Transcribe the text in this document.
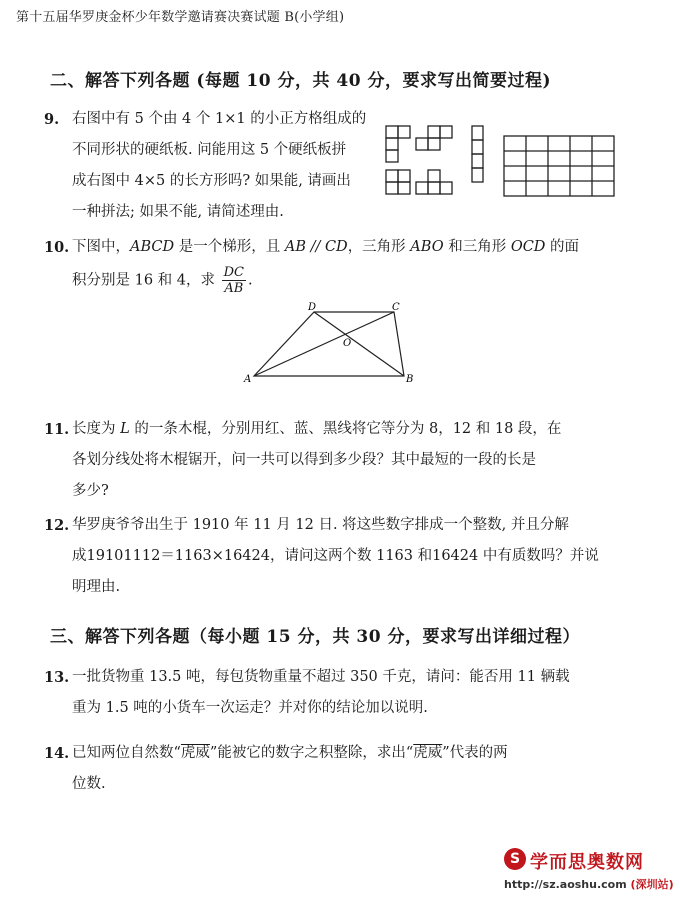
第十五届华罗庚金杯少年数学邀请赛决赛试题 B(小学组)
二、解答下列各题 (每题 10 分，共 40 分，要求写出简要过程)
9. 右图中有 5 个由 4 个 1×1 的小正方格组成的
不同形状的硬纸板. 问能用这 5 个硬纸板拼
成右图中 4×5 的长方形吗? 如果能, 请画出
一种拼法; 如果不能, 请简述理由.
10. 下图中，ABCD 是一个梯形，且 AB // CD，三角形 ABO 和三角形 OCD 的面
积分别是 16 和 4，求 $\frac{DC}{AB}$ .
A	B
C
D
O
11. 长度为 L 的一条木棍，分别用红、蓝、黑线将它等分为 8，12 和 18 段，在
各划分线处将木棍锯开，问一共可以得到多少段？其中最短的一段的长是
多少?
12. 华罗庚爷爷出生于 1910 年 11 月 12 日. 将这些数字排成一个整数, 并且分解
成19101112＝1163×16424，请问这两个数 1163 和16424 中有质数吗？并说
明理由.
三、解答下列各题（每小题 15 分，共 30 分，要求写出详细过程）
13. 一批货物重 13.5 吨，每包货物重量不超过 350 千克，请问：能否用 11 辆载
重为 1.5 吨的小货车一次运走？并对你的结论加以说明.
14. 已知两位自然数“虎威”能被它的数字之积整除，求出“虎威”代表的两
位数.
S 学而思奥数网
http://sz.aoshu.com (深圳站)
